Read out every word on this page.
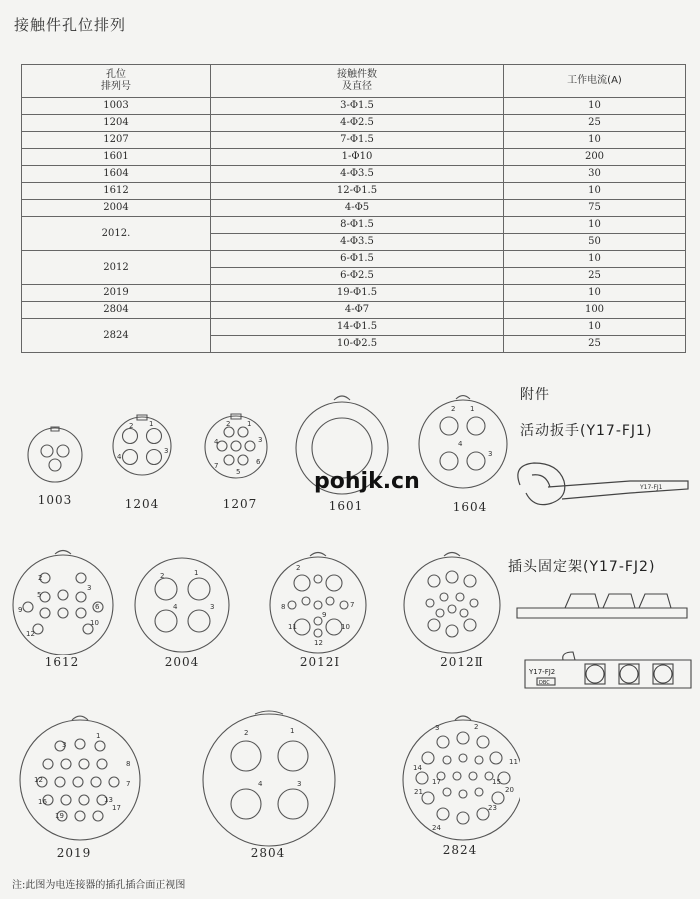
接触件孔位排列
孔位
排列号	接触件数
及直径	工作电流(A)
1003	3-Φ1.5	10
1204	4-Φ2.5	25
1207	7-Φ1.5	10
1601	1-Φ10	200
1604	4-Φ3.5	30
1612	12-Φ1.5	10
2004	4-Φ5	75
2012.	8-Φ1.5	10
	4-Φ3.5	50
2012	6-Φ1.5	10
	6-Φ2.5	25
2019	19-Φ1.5	10
2804	4-Φ7	100
2824	14-Φ1.5	10
	10-Φ2.5	25
2 1
4
3
2 1
4	3
7	6
5
2 1
4
3
1003	1204	1207	1601	1604
2
5
3
9
12
10
6
2	1
4	3
2
8
11
12
10
7
9
1612	2004	2012Ⅰ	2012Ⅱ
3
1
8
12	7
16
19
17
13
2	1
4	3
3	2
14
11
21	20
24
23
17	15
2019	2804	2824
附件
活动扳手(Y17-FJ1)
Y17-FJ1
插头固定架(Y17-FJ2)
Y17-FJ2
DBC
pohjk.cn
注:此图为电连接器的插孔插合面正视图
